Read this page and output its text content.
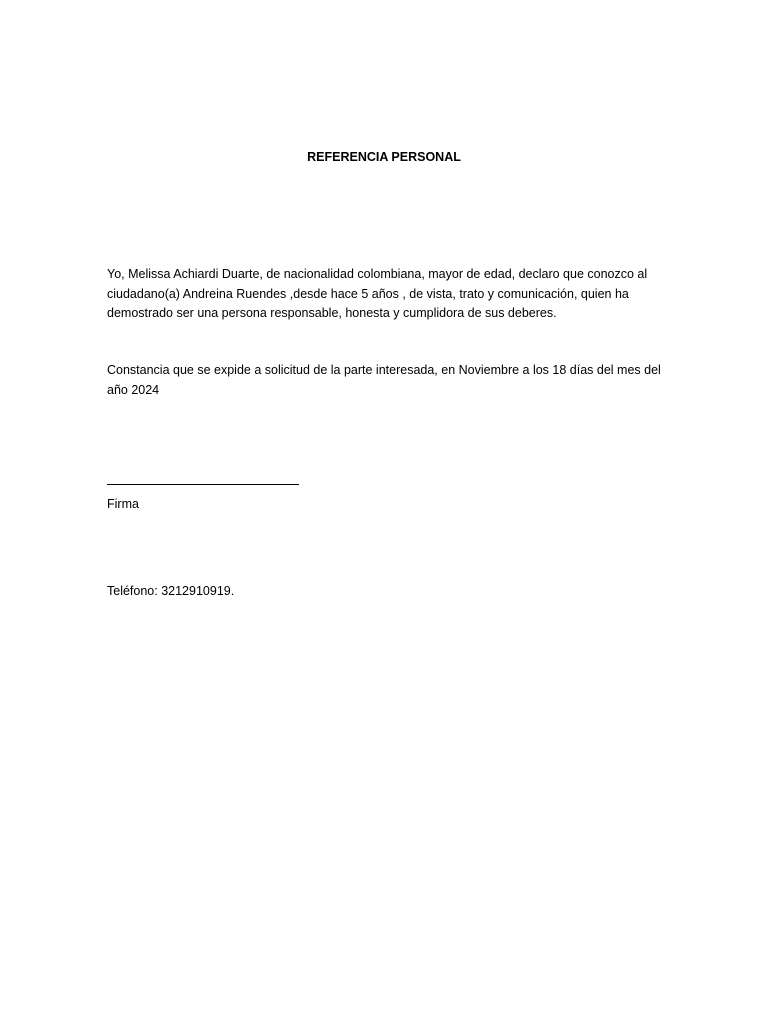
REFERENCIA PERSONAL

Yo, Melissa Achiardi Duarte, de nacionalidad colombiana, mayor de edad, declaro que conozco al ciudadano(a) Andreina Ruendes ,desde hace 5 años , de vista, trato y comunicación, quien ha demostrado ser una persona responsable, honesta y cumplidora de sus deberes.

Constancia que se expide a solicitud de la parte interesada, en Noviembre a los 18 días del mes del año 2024

Firma
Teléfono: 3212910919.
